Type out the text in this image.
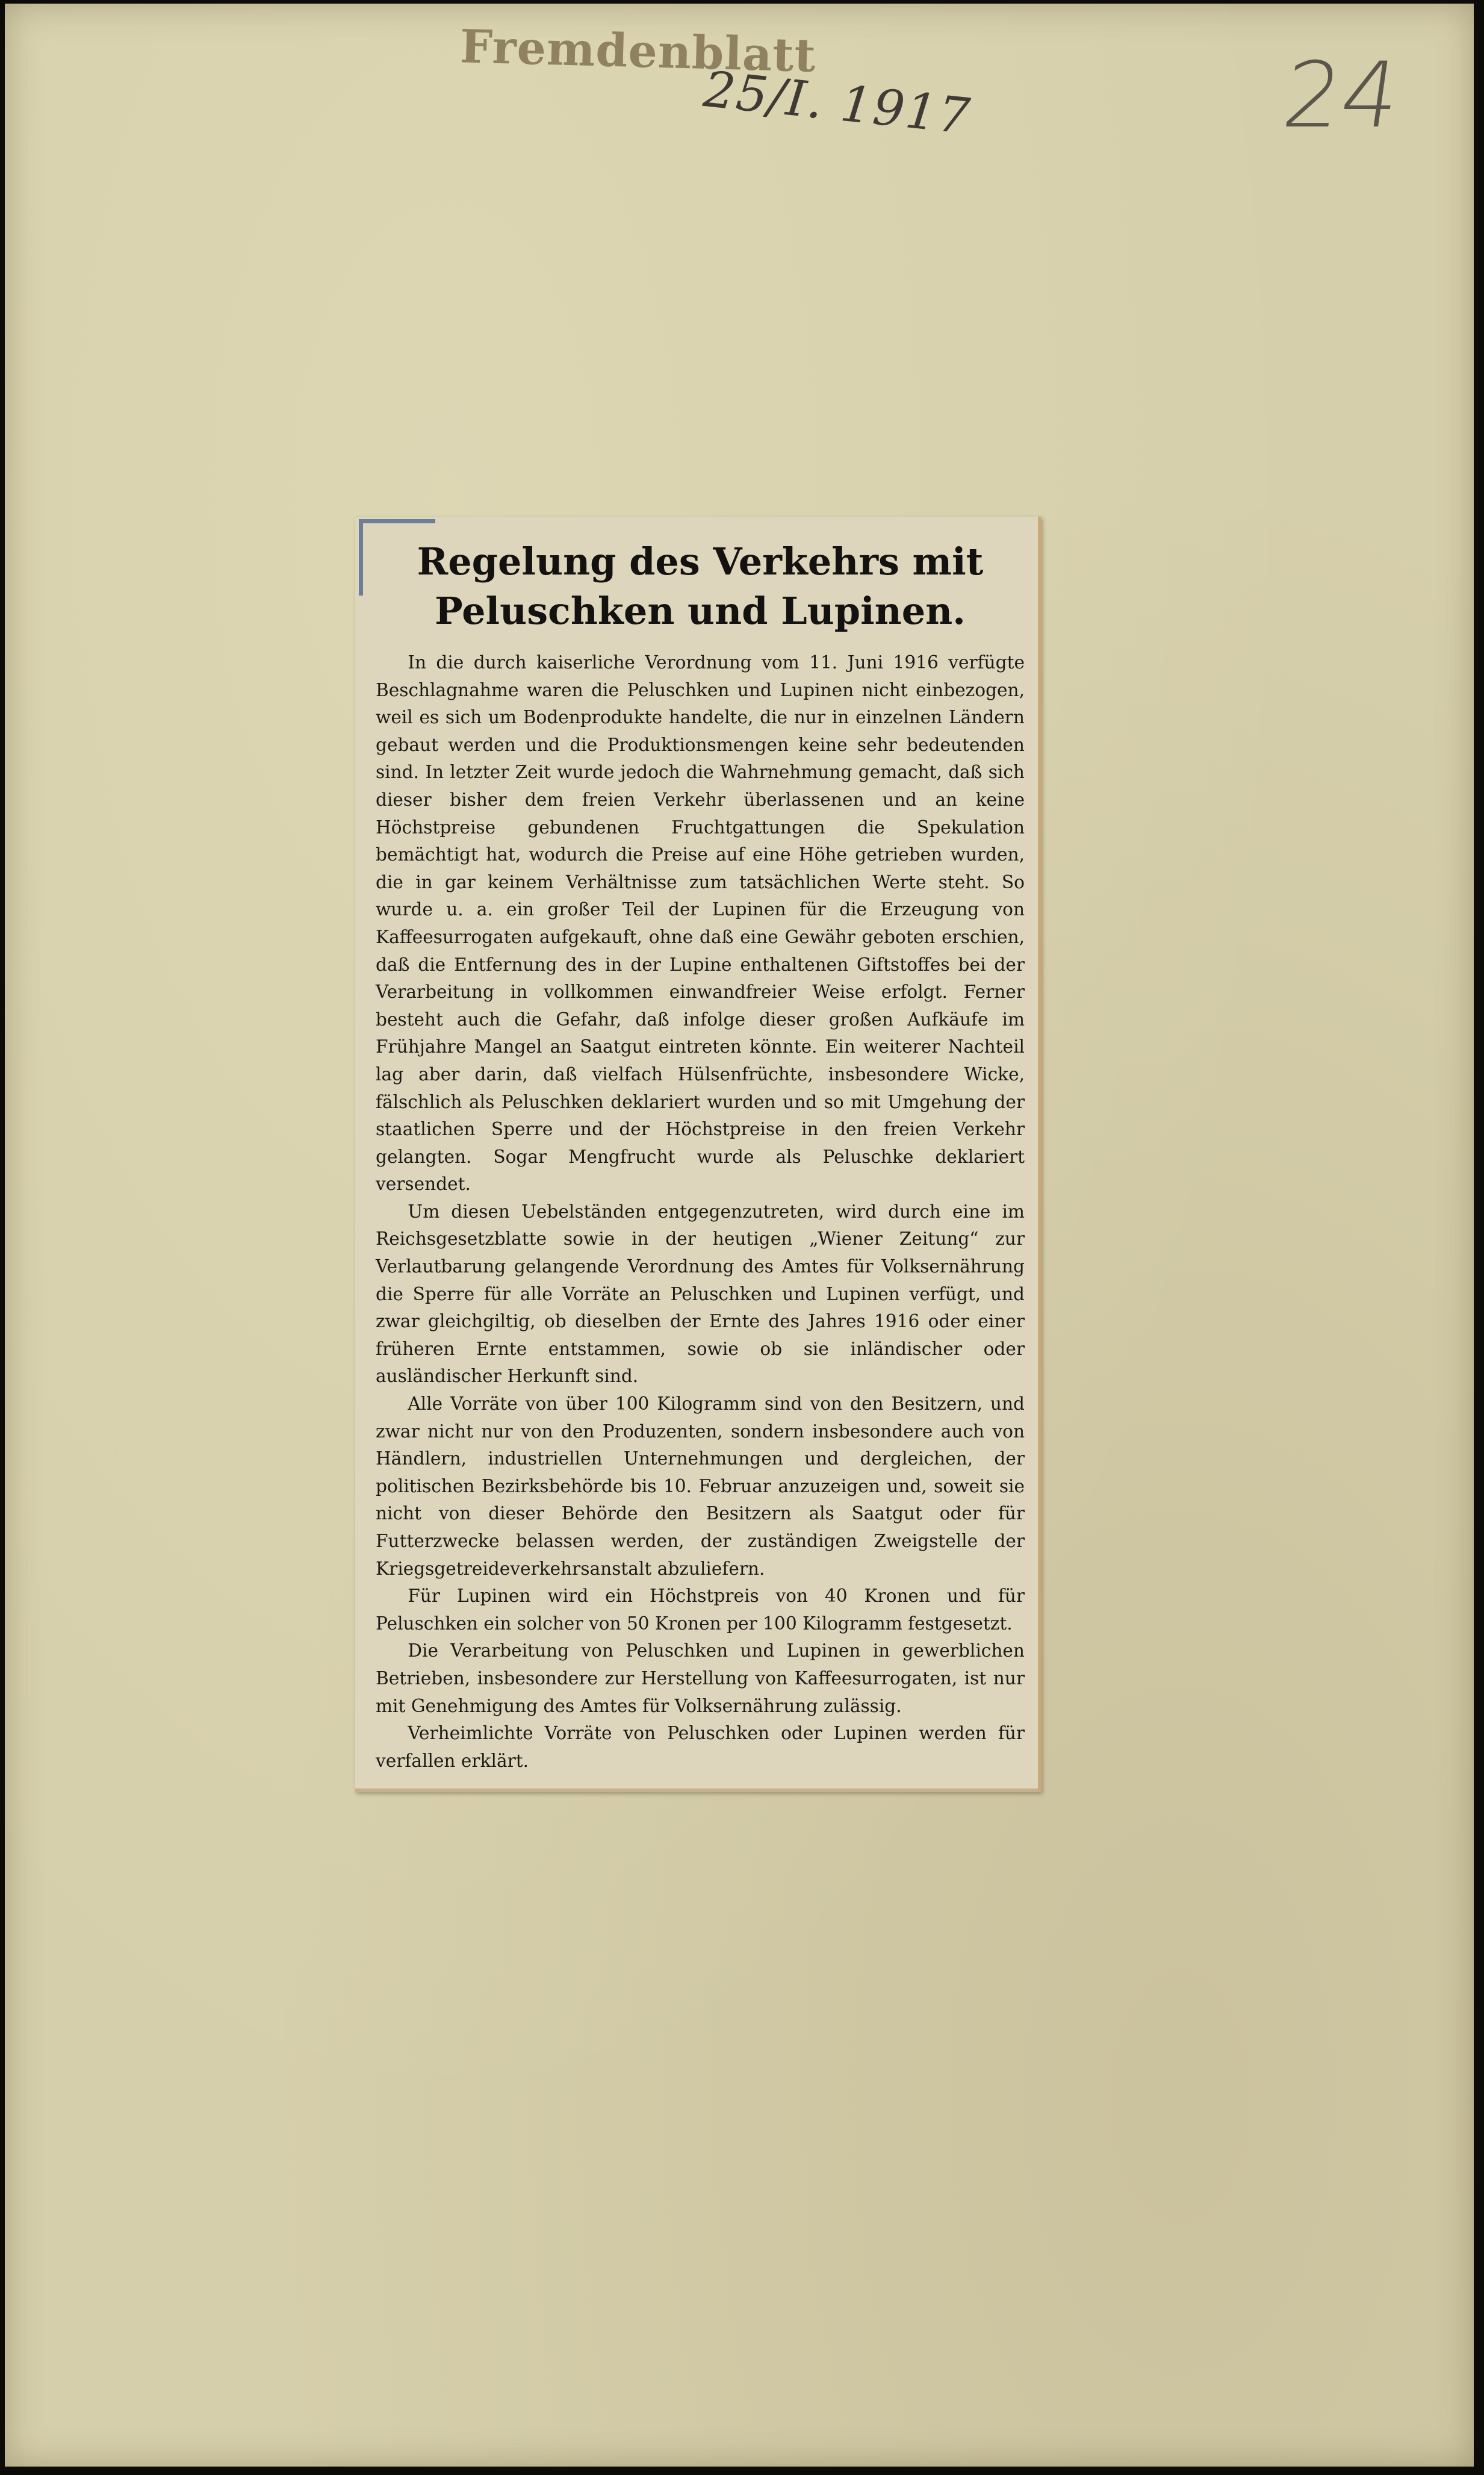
Fremdenblatt
25/I. 1917	24
Regelung des Verkehrs mit Peluschken und Lupinen.

In die durch kaiserliche Verordnung vom 11. Juni 1916 verfügte Beschlagnahme waren die Peluschken und Lupinen nicht einbezogen, weil es sich um Bodenprodukte handelte, die nur in einzelnen Ländern gebaut werden und die Produktionsmengen keine sehr bedeutenden sind. In letzter Zeit wurde jedoch die Wahrnehmung gemacht, daß sich dieser bisher dem freien Verkehr überlassenen und an keine Höchstpreise gebundenen Fruchtgattungen die Spekulation bemächtigt hat, wodurch die Preise auf eine Höhe getrieben wurden, die in gar keinem Verhältnisse zum tatsächlichen Werte steht. So wurde u. a. ein großer Teil der Lupinen für die Erzeugung von Kaffeesurrogaten aufgekauft, ohne daß eine Gewähr geboten erschien, daß die Entfernung des in der Lupine enthaltenen Giftstoffes bei der Verarbeitung in vollkommen einwandfreier Weise erfolgt. Ferner besteht auch die Gefahr, daß infolge dieser großen Aufkäufe im Frühjahre Mangel an Saatgut eintreten könnte. Ein weiterer Nachteil lag aber darin, daß vielfach Hülsenfrüchte, insbesondere Wicke, fälschlich als Peluschken deklariert wurden und so mit Umgehung der staatlichen Sperre und der Höchstpreise in den freien Verkehr gelangten. Sogar Mengfrucht wurde als Peluschke deklariert versendet.

Um diesen Uebelständen entgegenzutreten, wird durch eine im Reichsgesetzblatte sowie in der heutigen „Wiener Zeitung“ zur Verlautbarung gelangende Verordnung des Amtes für Volksernährung die Sperre für alle Vorräte an Peluschken und Lupinen verfügt, und zwar gleichgiltig, ob dieselben der Ernte des Jahres 1916 oder einer früheren Ernte entstammen, sowie ob sie inländischer oder ausländischer Herkunft sind.

Alle Vorräte von über 100 Kilogramm sind von den Besitzern, und zwar nicht nur von den Produzenten, sondern insbesondere auch von Händlern, industriellen Unternehmungen und dergleichen, der politischen Bezirksbehörde bis 10. Februar anzuzeigen und, soweit sie nicht von dieser Behörde den Besitzern als Saatgut oder für Futterzwecke belassen werden, der zuständigen Zweigstelle der Kriegsgetreideverkehrsanstalt abzuliefern.

Für Lupinen wird ein Höchstpreis von 40 Kronen und für Peluschken ein solcher von 50 Kronen per 100 Kilogramm festgesetzt.

Die Verarbeitung von Peluschken und Lupinen in gewerblichen Betrieben, insbesondere zur Herstellung von Kaffeesurrogaten, ist nur mit Genehmigung des Amtes für Volksernährung zulässig.

Verheimlichte Vorräte von Peluschken oder Lupinen werden für verfallen erklärt.
